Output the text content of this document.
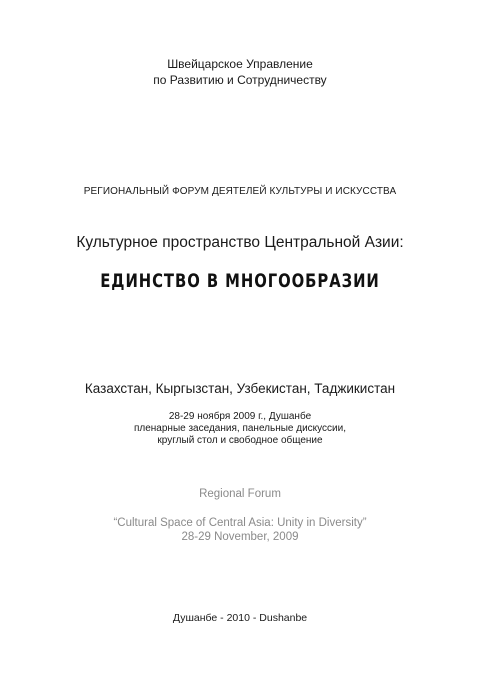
Швейцарское Управление
по Развитию и Сотрудничеству
РЕГИОНАЛЬНЫЙ ФОРУМ ДЕЯТЕЛЕЙ КУЛЬТУРЫ И ИСКУССТВА
Культурное пространство Центральной Азии:
ЕДИНСТВО В МНОГООБРАЗИИ
Казахстан, Кыргызстан, Узбекистан, Таджикистан
28-29 ноября 2009 г., Душанбе
пленарные заседания, панельные дискуссии,
круглый стол и свободное общение
Regional Forum
“Cultural Space of Central Asia: Unity in Diversity”
28-29 November, 2009
Душанбе - 2010 - Dushanbe
